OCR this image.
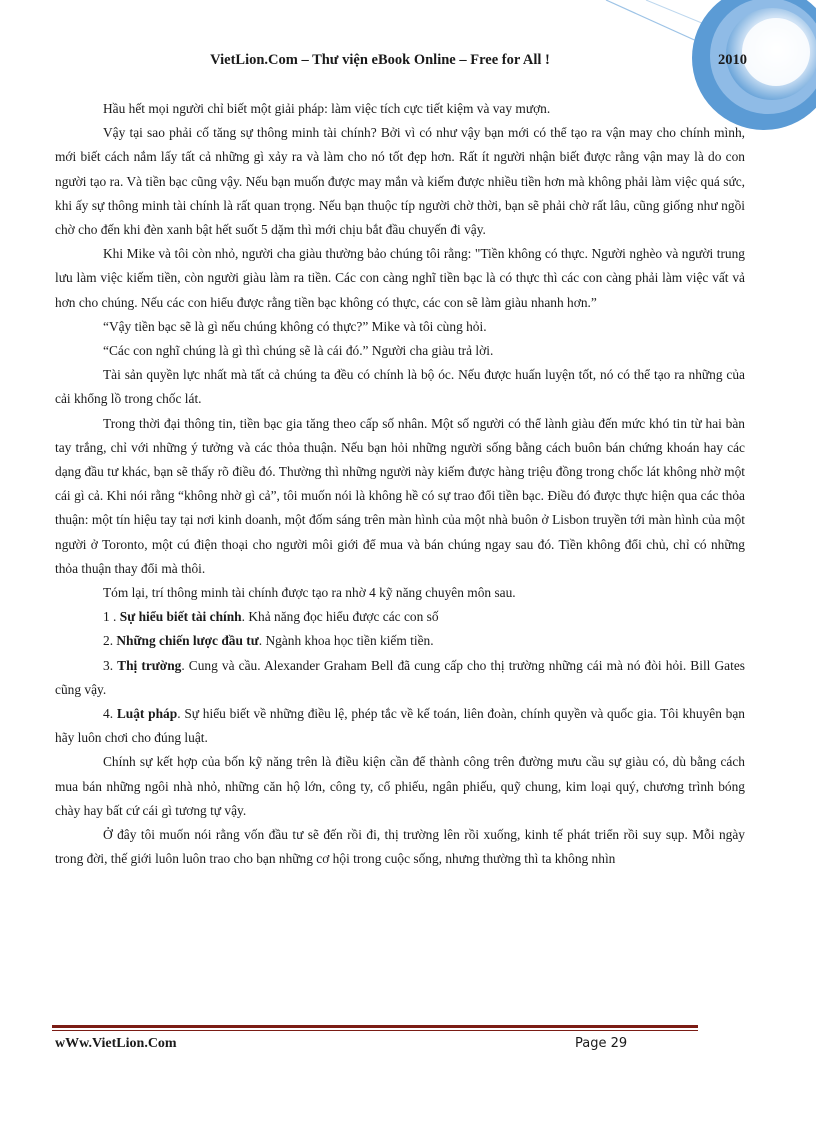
VietLion.Com – Thư viện eBook Online – Free for All !	2010

Hầu hết mọi người chỉ biết một giải pháp: làm việc tích cực tiết kiệm và vay mượn.

Vậy tại sao phải cố tăng sự thông minh tài chính? Bởi vì có như vậy bạn mới có thể tạo ra vận may cho chính mình, mới biết cách nắm lấy tất cả những gì xảy ra và làm cho nó tốt đẹp hơn. Rất ít người nhận biết được rằng vận may là do con người tạo ra. Và tiền bạc cũng vậy. Nếu bạn muốn được may mắn và kiếm được nhiều tiền hơn mà không phải làm việc quá sức, khi ấy sự thông minh tài chính là rất quan trọng. Nếu bạn thuộc típ người chờ thời, bạn sẽ phải chờ rất lâu, cũng giống như ngồi chờ cho đến khi đèn xanh bật hết suốt 5 dặm thì mới chịu bắt đầu chuyến đi vậy.

Khi Mike và tôi còn nhỏ, người cha giàu thường bảo chúng tôi rằng: "Tiền không có thực. Người nghèo và người trung lưu làm việc kiếm tiền, còn người giàu làm ra tiền. Các con càng nghĩ tiền bạc là có thực thì các con càng phải làm việc vất vả hơn cho chúng. Nếu các con hiểu được rằng tiền bạc không có thực, các con sẽ làm giàu nhanh hơn.”

“Vậy tiền bạc sẽ là gì nếu chúng không có thực?” Mike và tôi cùng hỏi.

“Các con nghĩ chúng là gì thì chúng sẽ là cái đó.” Người cha giàu trả lời.

Tài sản quyền lực nhất mà tất cả chúng ta đều có chính là bộ óc. Nếu được huấn luyện tốt, nó có thể tạo ra những của cải khổng lồ trong chốc lát.

Trong thời đại thông tin, tiền bạc gia tăng theo cấp số nhân. Một số người có thể lành giàu đến mức khó tin từ hai bàn tay trắng, chỉ với những ý tưởng và các thỏa thuận. Nếu bạn hỏi những người sống bằng cách buôn bán chứng khoán hay các dạng đầu tư khác, bạn sẽ thấy rõ điều đó. Thường thì những người này kiếm được hàng triệu đồng trong chốc lát không nhờ một cái gì cả. Khi nói rằng “không nhờ gì cả”, tôi muốn nói là không hề có sự trao đổi tiền bạc. Điều đó được thực hiện qua các thỏa thuận: một tín hiệu tay tại nơi kinh doanh, một đốm sáng trên màn hình của một nhà buôn ở Lisbon truyền tới màn hình của một người ở Toronto, một cú điện thoại cho người môi giới để mua và bán chúng ngay sau đó. Tiền không đổi chủ, chỉ có những thỏa thuận thay đổi mà thôi.

Tóm lại, trí thông minh tài chính được tạo ra nhờ 4 kỹ năng chuyên môn sau.

1 . Sự hiểu biết tài chính. Khả năng đọc hiểu được các con số

2. Những chiến lược đầu tư. Ngành khoa học tiền kiếm tiền.

3. Thị trường. Cung và cầu. Alexander Graham Bell đã cung cấp cho thị trường những cái mà nó đòi hỏi. Bill Gates cũng vậy.

4. Luật pháp. Sự hiểu biết về những điều lệ, phép tắc về kế toán, liên đoàn, chính quyền và quốc gia. Tôi khuyên bạn hãy luôn chơi cho đúng luật.

Chính sự kết hợp của bốn kỹ năng trên là điều kiện cần để thành công trên đường mưu cầu sự giàu có, dù bằng cách mua bán những ngôi nhà nhỏ, những căn hộ lớn, công ty, cổ phiếu, ngân phiếu, quỹ chung, kim loại quý, chương trình bóng chày hay bất cứ cái gì tương tự vậy.

Ở đây tôi muốn nói rằng vốn đầu tư sẽ đến rồi đi, thị trường lên rồi xuống, kinh tế phát triển rồi suy sụp. Mỗi ngày trong đời, thế giới luôn luôn trao cho bạn những cơ hội trong cuộc sống, nhưng thường thì ta không nhìn

wWw.VietLion.Com	Page 29
